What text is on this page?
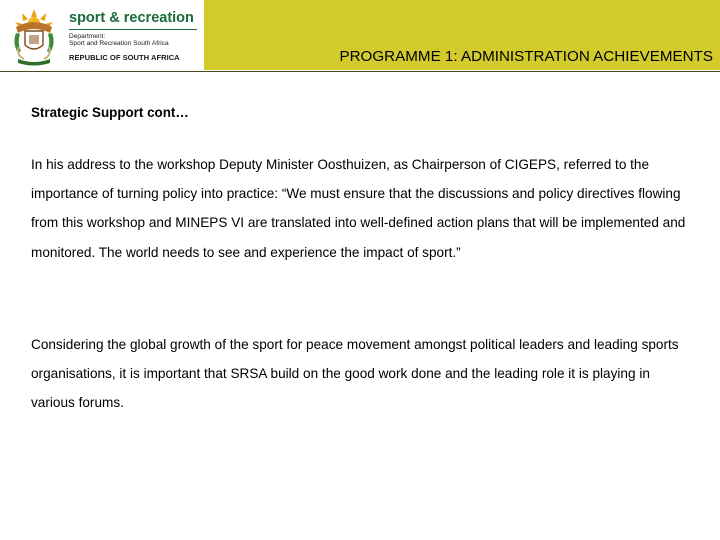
sport & recreation
Department:
Sport and Recreation South Africa
REPUBLIC OF SOUTH AFRICA	PROGRAMME 1: ADMINISTRATION ACHIEVEMENTS
Strategic Support cont…

In his address to the workshop Deputy Minister Oosthuizen, as Chairperson of CIGEPS, referred to the importance of turning policy into practice: “We must ensure that the discussions and policy directives flowing from this workshop and MINEPS VI are translated into well-defined action plans that will be implemented and monitored. The world needs to see and experience the impact of sport.”

Considering the global growth of the sport for peace movement amongst political leaders and leading sports organisations, it is important that SRSA build on the good work done and the leading role it is playing in various forums.
